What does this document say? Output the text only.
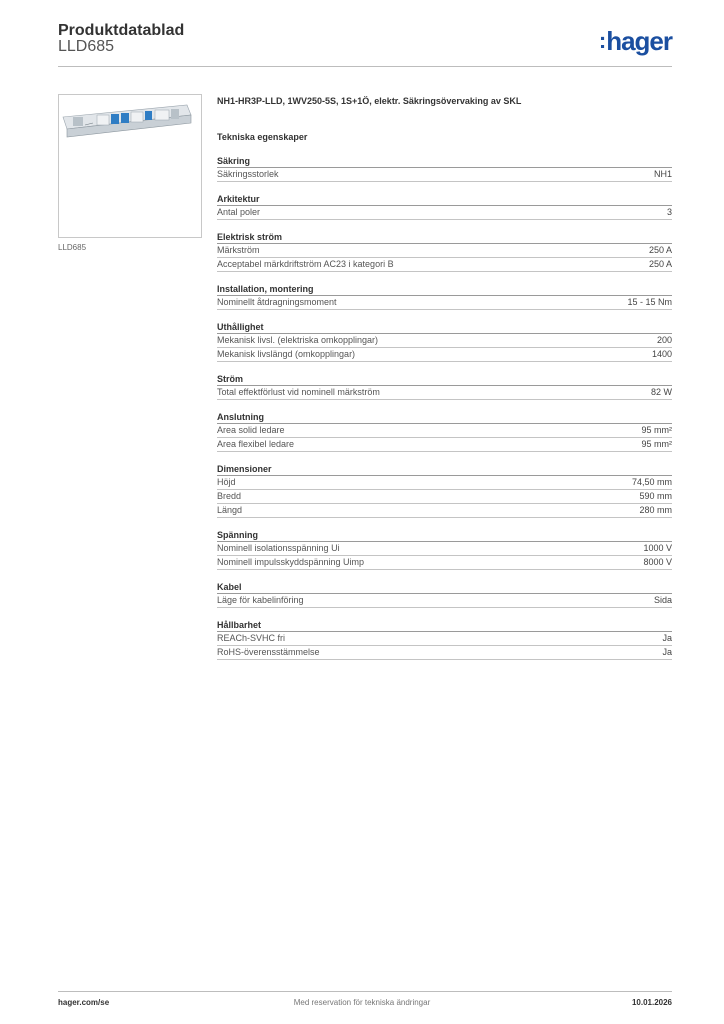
Produktdatablad
LLD685	:hager
LLD685
NH1-HR3P-LLD, 1WV250-5S, 1S+1Ö, elektr. Säkringsövervaking av SKL
Tekniska egenskaper
Säkring
Säkringsstorlek	NH1
Arkitektur
Antal poler	3
Elektrisk ström
Märkström	250 A
Acceptabel märkdriftström AC23 i kategori B	250 A
Installation, montering
Nominellt åtdragningsmoment	15 - 15 Nm
Uthållighet
Mekanisk livsl. (elektriska omkopplingar)	200
Mekanisk livslängd (omkopplingar)	1400
Ström
Total effektförlust vid nominell märkström	82 W
Anslutning
Area solid ledare	95 mm²
Area flexibel ledare	95 mm²
Dimensioner
Höjd	74,50 mm
Bredd	590 mm
Längd	280 mm
Spänning
Nominell isolationsspänning Ui	1000 V
Nominell impulsskyddspänning Uimp	8000 V
Kabel
Läge för kabelinföring	Sida
Hållbarhet
REACh-SVHC fri	Ja
RoHS-överensstämmelse	Ja
hager.com/se	Med reservation för tekniska ändringar	10.01.2026
